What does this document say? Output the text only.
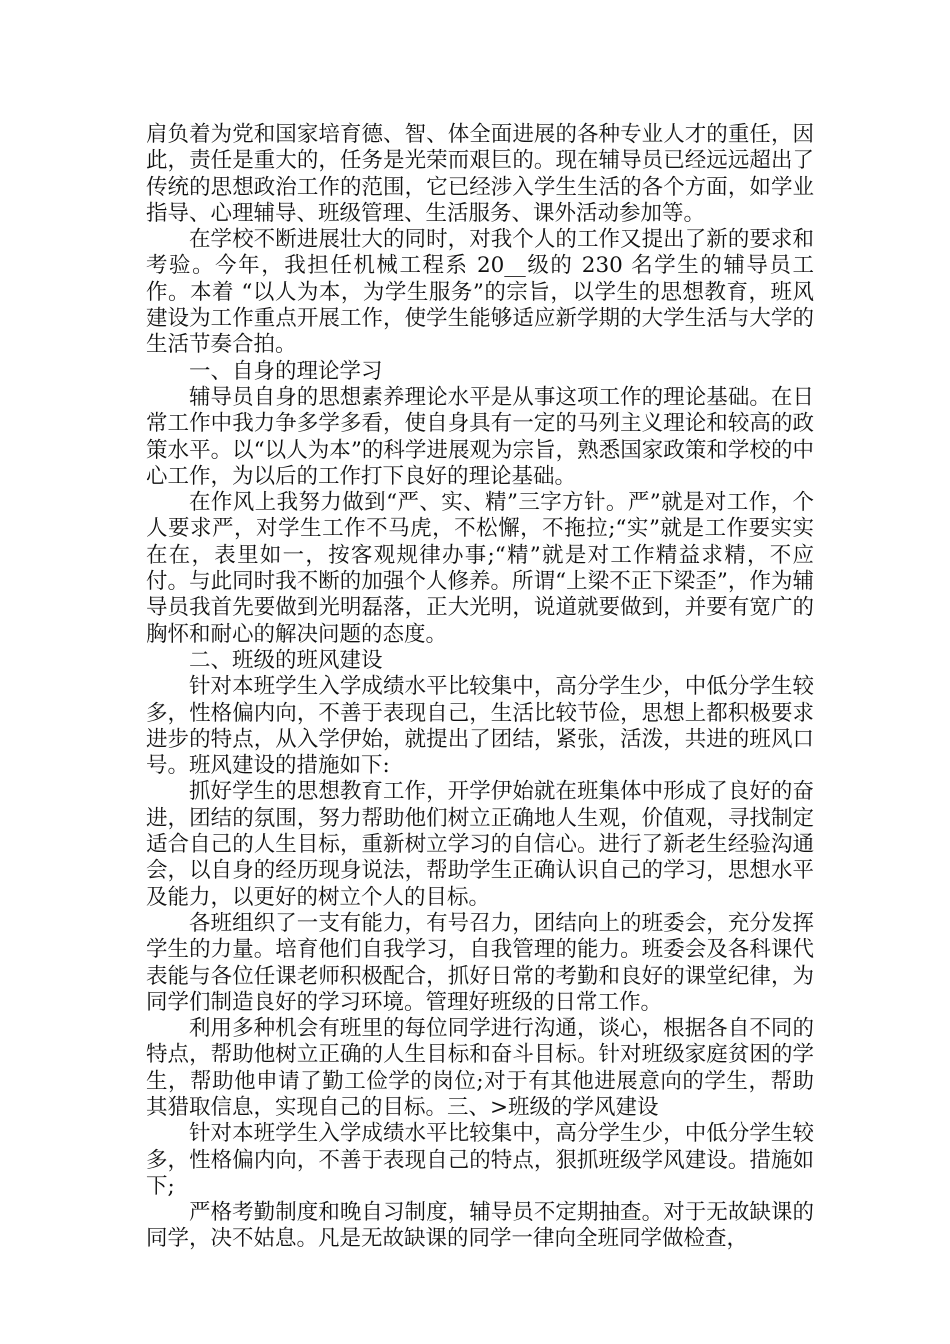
肩负着为党和国家培育德、智、体全面进展的各种专业人才的重任，因此，责任是重大的，任务是光荣而艰巨的。现在辅导员已经远远超出了传统的思想政治工作的范围，它已经涉入学生生活的各个方面，如学业指导、心理辅导、班级管理、生活服务、课外活动参加等。

在学校不断进展壮大的同时，对我个人的工作又提出了新的要求和考验。今年，我担任机械工程系 20__级的 230 名学生的辅导员工作。本着 “以人为本，为学生服务”的宗旨，以学生的思想教育，班风建设为工作重点开展工作，使学生能够适应新学期的大学生活与大学的生活节奏合拍。

一、自身的理论学习

辅导员自身的思想素养理论水平是从事这项工作的理论基础。在日常工作中我力争多学多看，使自身具有一定的马列主义理论和较高的政策水平。以“以人为本”的科学进展观为宗旨，熟悉国家政策和学校的中心工作，为以后的工作打下良好的理论基础。

在作风上我努力做到“严、实、精”三字方针。严”就是对工作，个人要求严，对学生工作不马虎，不松懈，不拖拉;“实”就是工作要实实在在，表里如一，按客观规律办事;“精”就是对工作精益求精，不应付。与此同时我不断的加强个人修养。所谓“上梁不正下梁歪”，作为辅导员我首先要做到光明磊落，正大光明，说道就要做到，并要有宽广的胸怀和耐心的解决问题的态度。

二、班级的班风建设

针对本班学生入学成绩水平比较集中，高分学生少，中低分学生较多，性格偏内向，不善于表现自己，生活比较节俭，思想上都积极要求进步的特点，从入学伊始，就提出了团结，紧张，活泼，共进的班风口号。班风建设的措施如下:

抓好学生的思想教育工作，开学伊始就在班集体中形成了良好的奋进，团结的氛围，努力帮助他们树立正确地人生观，价值观，寻找制定适合自己的人生目标，重新树立学习的自信心。进行了新老生经验沟通会，以自身的经历现身说法，帮助学生正确认识自己的学习，思想水平及能力，以更好的树立个人的目标。

各班组织了一支有能力，有号召力，团结向上的班委会，充分发挥学生的力量。培育他们自我学习，自我管理的能力。班委会及各科课代表能与各位任课老师积极配合，抓好日常的考勤和良好的课堂纪律，为同学们制造良好的学习环境。管理好班级的日常工作。

利用多种机会有班里的每位同学进行沟通，谈心，根据各自不同的特点，帮助他树立正确的人生目标和奋斗目标。针对班级家庭贫困的学生，帮助他申请了勤工俭学的岗位;对于有其他进展意向的学生，帮助其猎取信息，实现自己的目标。三、>班级的学风建设

针对本班学生入学成绩水平比较集中，高分学生少，中低分学生较多，性格偏内向，不善于表现自己的特点，狠抓班级学风建设。措施如下;

严格考勤制度和晚自习制度，辅导员不定期抽查。对于无故缺课的同学，决不姑息。凡是无故缺课的同学一律向全班同学做检查，
